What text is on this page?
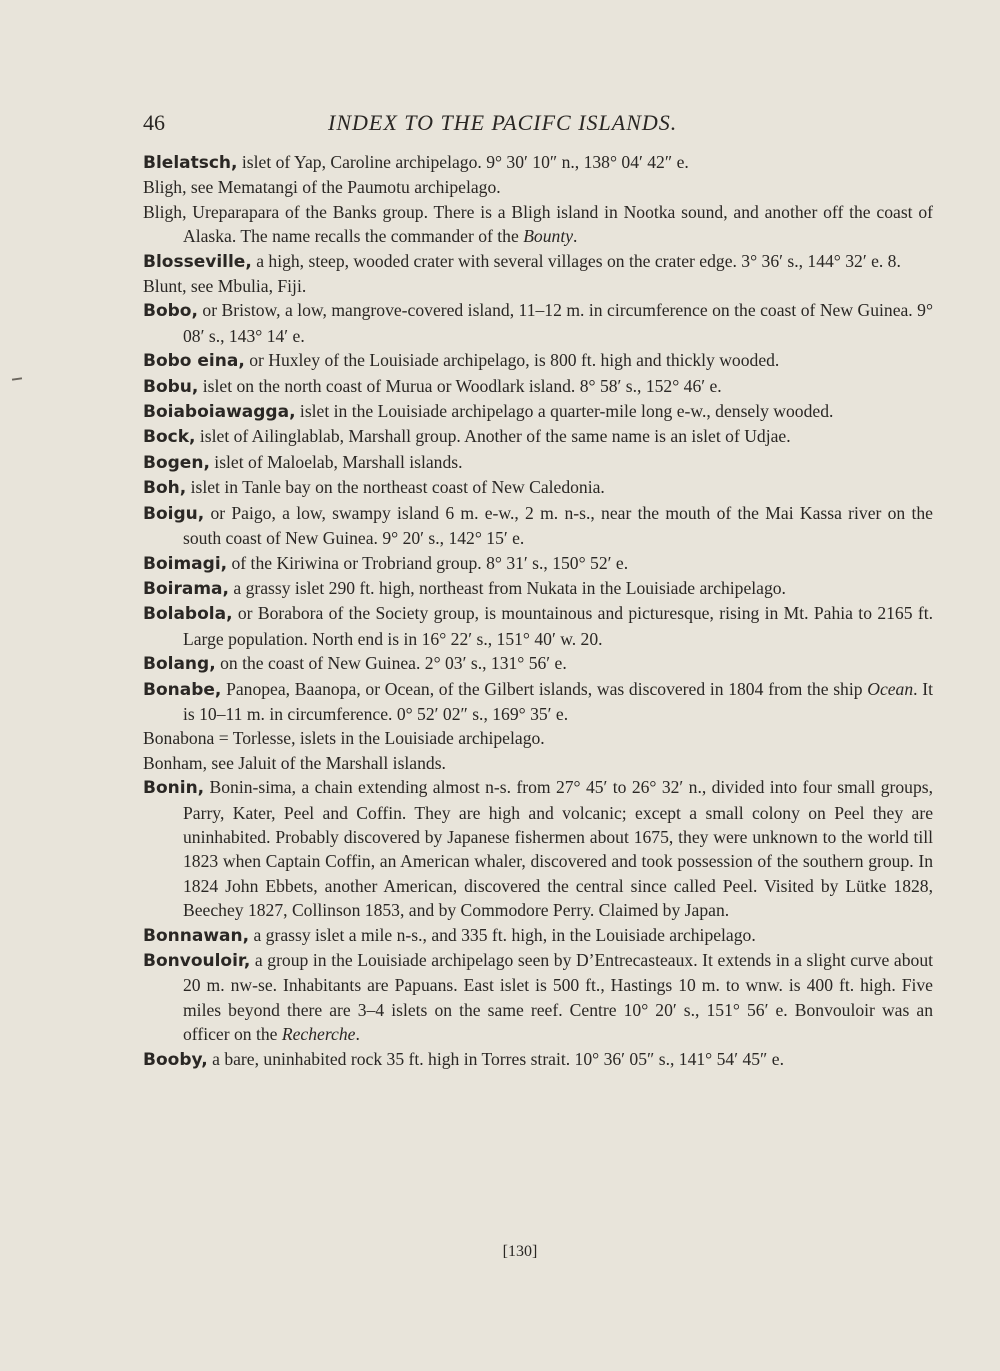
46	INDEX TO THE PACIFC ISLANDS.

Blelatsch, islet of Yap, Caroline archipelago. 9° 30′ 10″ n., 138° 04′ 42″ e.

Bligh, see Mematangi of the Paumotu archipelago.

Bligh, Ureparapara of the Banks group. There is a Bligh island in Nootka sound, and another off the coast of Alaska. The name recalls the commander of the Bounty.

Blosseville, a high, steep, wooded crater with several villages on the crater edge. 3° 36′ s., 144° 32′ e. 8.

Blunt, see Mbulia, Fiji.

Bobo, or Bristow, a low, mangrove-covered island, 11–12 m. in circumference on the coast of New Guinea. 9° 08′ s., 143° 14′ e.

Bobo eina, or Huxley of the Louisiade archipelago, is 800 ft. high and thickly wooded.

Bobu, islet on the north coast of Murua or Woodlark island. 8° 58′ s., 152° 46′ e.

Boiaboiawagga, islet in the Louisiade archipelago a quarter-mile long e-w., densely wooded.

Bock, islet of Ailinglablab, Marshall group. Another of the same name is an islet of Udjae.

Bogen, islet of Maloelab, Marshall islands.

Boh, islet in Tanle bay on the northeast coast of New Caledonia.

Boigu, or Paigo, a low, swampy island 6 m. e-w., 2 m. n-s., near the mouth of the Mai Kassa river on the south coast of New Guinea. 9° 20′ s., 142° 15′ e.

Boimagi, of the Kiriwina or Trobriand group. 8° 31′ s., 150° 52′ e.

Boirama, a grassy islet 290 ft. high, northeast from Nukata in the Louisiade archipelago.

Bolabola, or Borabora of the Society group, is mountainous and picturesque, rising in Mt. Pahia to 2165 ft. Large population. North end is in 16° 22′ s., 151° 40′ w. 20.

Bolang, on the coast of New Guinea. 2° 03′ s., 131° 56′ e.

Bonabe, Panopea, Baanopa, or Ocean, of the Gilbert islands, was discovered in 1804 from the ship Ocean. It is 10–11 m. in circumference. 0° 52′ 02″ s., 169° 35′ e.

Bonabona = Torlesse, islets in the Louisiade archipelago.

Bonham, see Jaluit of the Marshall islands.

Bonin, Bonin-sima, a chain extending almost n-s. from 27° 45′ to 26° 32′ n., divided into four small groups, Parry, Kater, Peel and Coffin. They are high and volcanic; except a small colony on Peel they are uninhabited. Probably discovered by Japanese fishermen about 1675, they were unknown to the world till 1823 when Captain Coffin, an American whaler, discovered and took possession of the southern group. In 1824 John Ebbets, another American, discovered the central since called Peel. Visited by Lütke 1828, Beechey 1827, Collinson 1853, and by Commodore Perry. Claimed by Japan.

Bonnawan, a grassy islet a mile n-s., and 335 ft. high, in the Louisiade archipelago.

Bonvouloir, a group in the Louisiade archipelago seen by D’Entrecasteaux. It extends in a slight curve about 20 m. nw-se. Inhabitants are Papuans. East islet is 500 ft., Hastings 10 m. to wnw. is 400 ft. high. Five miles beyond there are 3–4 islets on the same reef. Centre 10° 20′ s., 151° 56′ e. Bonvouloir was an officer on the Recherche.

Booby, a bare, uninhabited rock 35 ft. high in Torres strait. 10° 36′ 05″ s., 141° 54′ 45″ e.

[130]
